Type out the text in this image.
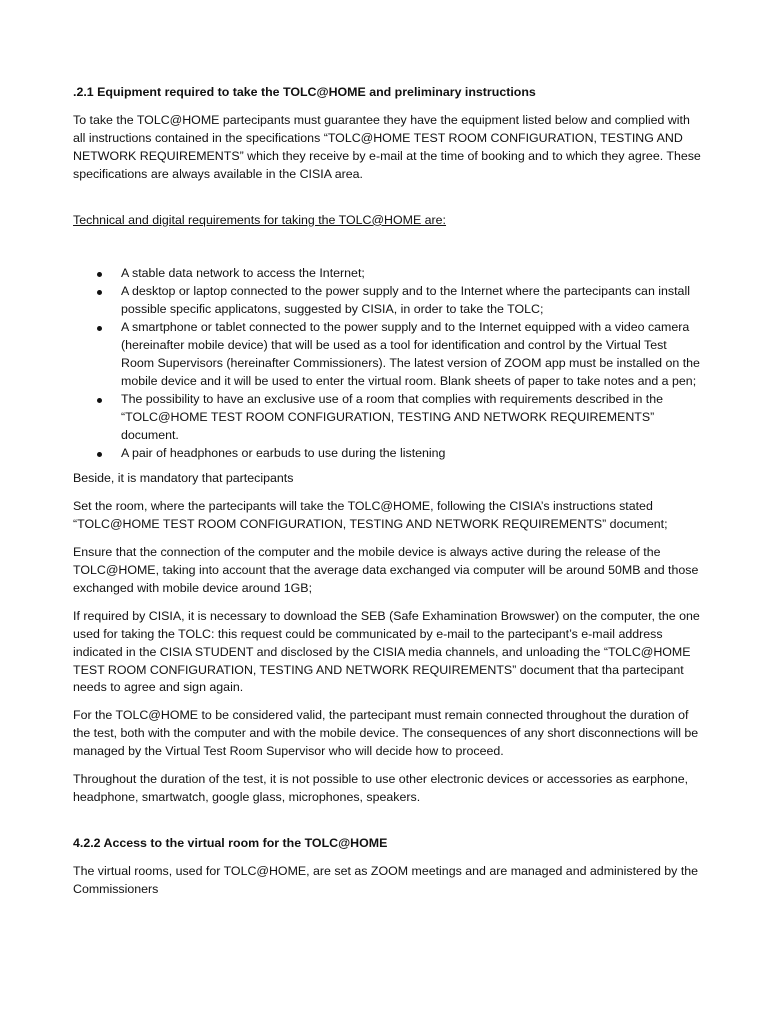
.2.1 Equipment required to take the TOLC@HOME and preliminary instructions

To take the TOLC@HOME partecipants must guarantee they have the equipment listed below and complied with all instructions contained in the specifications “TOLC@HOME TEST ROOM CONFIGURATION, TESTING AND NETWORK REQUIREMENTS” which they receive by e-mail at the time of booking and to which they agree. These specifications are always available in the CISIA area.

Technical and digital requirements for taking the TOLC@HOME are:

A stable data network to access the Internet;
A desktop or laptop connected to the power supply and to the Internet where the partecipants can install possible specific applicatons, suggested by CISIA, in order to take the TOLC;
A smartphone or tablet connected to the power supply and to the Internet equipped with a video camera (hereinafter mobile device) that will be used as a tool for identification and control by the Virtual Test Room Supervisors (hereinafter Commissioners). The latest version of ZOOM app must be installed on the mobile device and it will be used to enter the virtual room. Blank sheets of paper to take notes and a pen;
The possibility to have an exclusive use of a room that complies with requirements described in the “TOLC@HOME TEST ROOM CONFIGURATION, TESTING AND NETWORK REQUIREMENTS” document.
A pair of headphones or earbuds to use during the listening

Beside, it is mandatory that partecipants

Set the room, where the partecipants will take the TOLC@HOME, following the CISIA’s instructions stated “TOLC@HOME TEST ROOM CONFIGURATION, TESTING AND NETWORK REQUIREMENTS” document;

Ensure that the connection of the computer and the mobile device is always active during the release of the TOLC@HOME, taking into account that the average data exchanged via computer will be around 50MB and those exchanged with mobile device around 1GB;

If required by CISIA, it is necessary to download the SEB (Safe Exhamination Browswer) on the computer, the one used for taking the TOLC: this request could be communicated by e-mail to the partecipant’s e-mail address indicated in the CISIA STUDENT and disclosed by the CISIA media channels, and unloading the “TOLC@HOME TEST ROOM CONFIGURATION, TESTING AND NETWORK REQUIREMENTS” document that tha partecipant needs to agree and sign again.

For the TOLC@HOME to be considered valid, the partecipant must remain connected throughout the duration of the test, both with the computer and with the mobile device. The consequences of any short disconnections will be managed by the Virtual Test Room Supervisor who will decide how to proceed.

Throughout the duration of the test, it is not possible to use other electronic devices or accessories as earphone, headphone, smartwatch, google glass, microphones, speakers.

4.2.2 Access to the virtual room for the TOLC@HOME

The virtual rooms, used for TOLC@HOME, are set as ZOOM meetings and are managed and administered by the Commissioners
